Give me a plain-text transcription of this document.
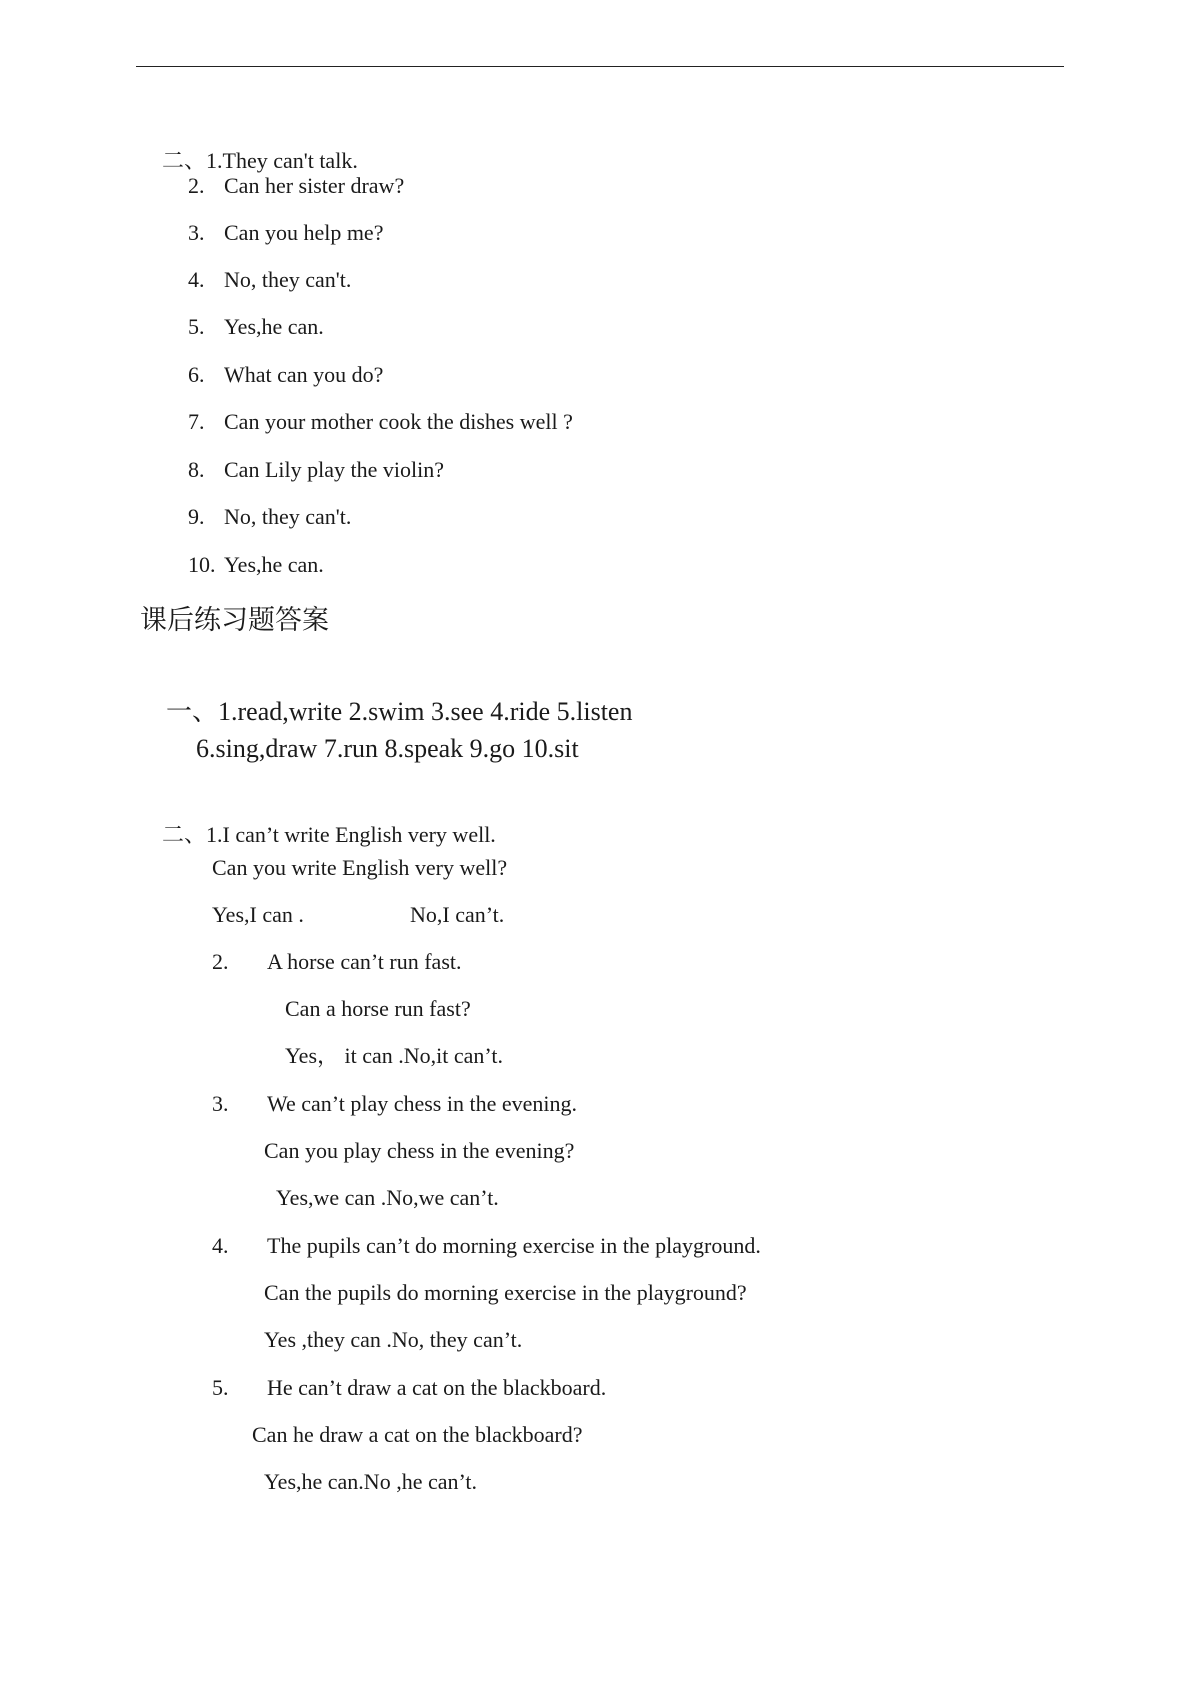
二、1.They can't talk.

2. Can her sister draw?
3. Can you help me?
4. No, they can't.
5. Yes,he can.
6. What can you do?
7. Can your mother cook the dishes well ?
8. Can Lily play the violin?
9. No, they can't.
10. Yes,he can.
课后练习题答案

一、1.read,write 2.swim 3.see 4.ride 5.listen

6.sing,draw 7.run 8.speak 9.go 10.sit

二、1.I can’t write English very well.

Can you write English very well?
Yes,I can .	No,I can’t.
2. A horse can’t run fast.
Can a horse run fast?
Yes， it can .No,it can’t.
3. We can’t play chess in the evening.
Can you play chess in the evening?
Yes,we can .No,we can’t.
4. The pupils can’t do morning exercise in the playground.
Can the pupils do morning exercise in the playground?
Yes ,they can .No, they can’t.
5. He can’t draw a cat on the blackboard.
Can he draw a cat on the blackboard?
Yes,he can.No ,he can’t.
